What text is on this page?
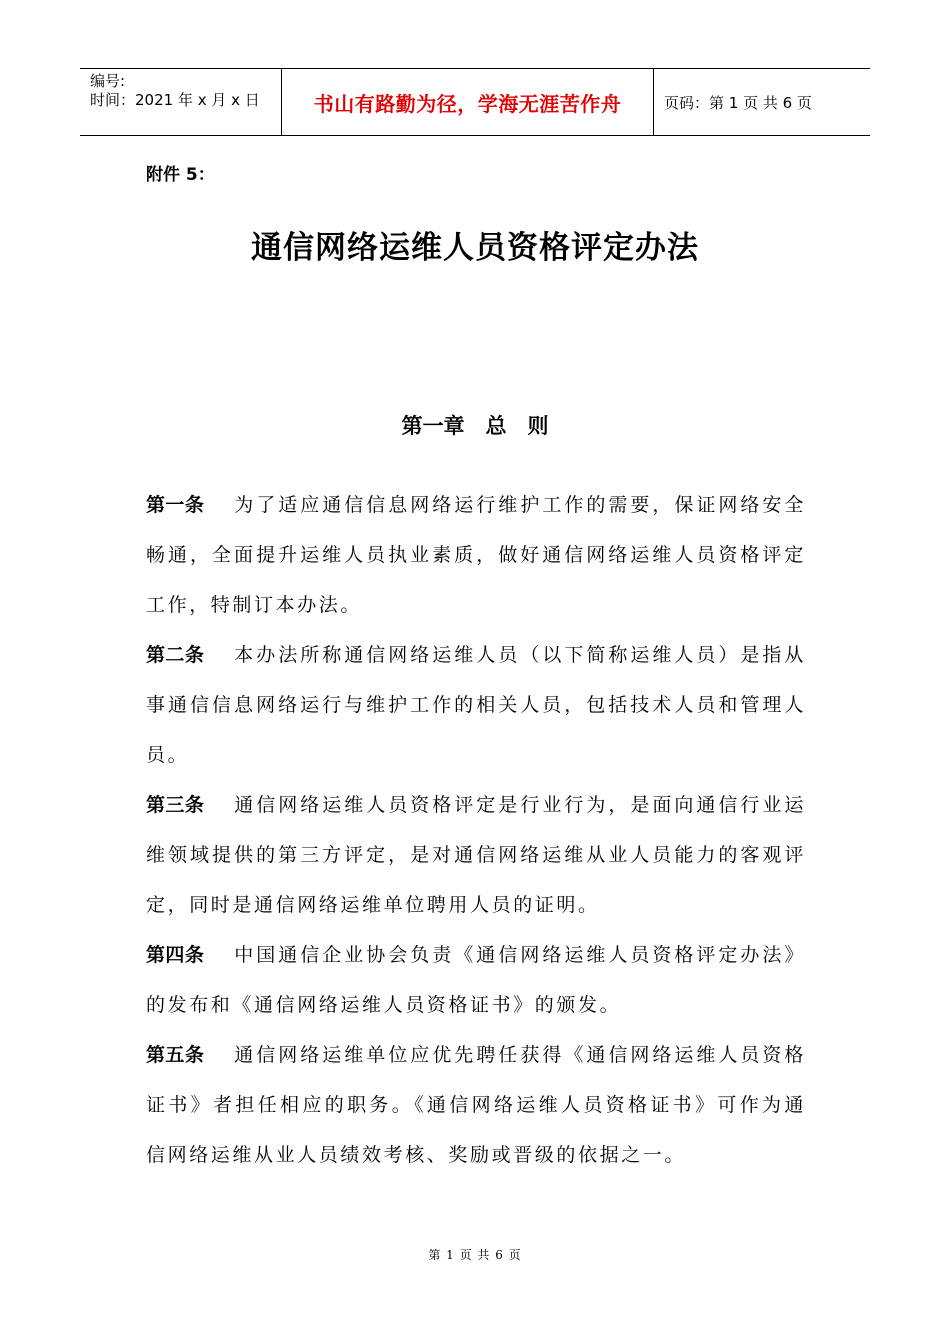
编号:
时间：2021 年 x 月 x 日	书山有路勤为径，学海无涯苦作舟	页码：第 1 页 共 6 页
附件 5：
通信网络运维人员资格评定办法
第一章　总　则

第一条 为了适应通信信息网络运行维护工作的需要，保证网络安全畅通，全面提升运维人员执业素质，做好通信网络运维人员资格评定工作，特制订本办法。

第二条 本办法所称通信网络运维人员（以下简称运维人员）是指从事通信信息网络运行与维护工作的相关人员，包括技术人员和管理人员。

第三条 通信网络运维人员资格评定是行业行为，是面向通信行业运维领域提供的第三方评定，是对通信网络运维从业人员能力的客观评定，同时是通信网络运维单位聘用人员的证明。

第四条 中国通信企业协会负责《通信网络运维人员资格评定办法》的发布和《通信网络运维人员资格证书》的颁发。

第五条 通信网络运维单位应优先聘任获得《通信网络运维人员资格证书》者担任相应的职务。《通信网络运维人员资格证书》可作为通信网络运维从业人员绩效考核、奖励或晋级的依据之一。

第 1 页 共 6 页
